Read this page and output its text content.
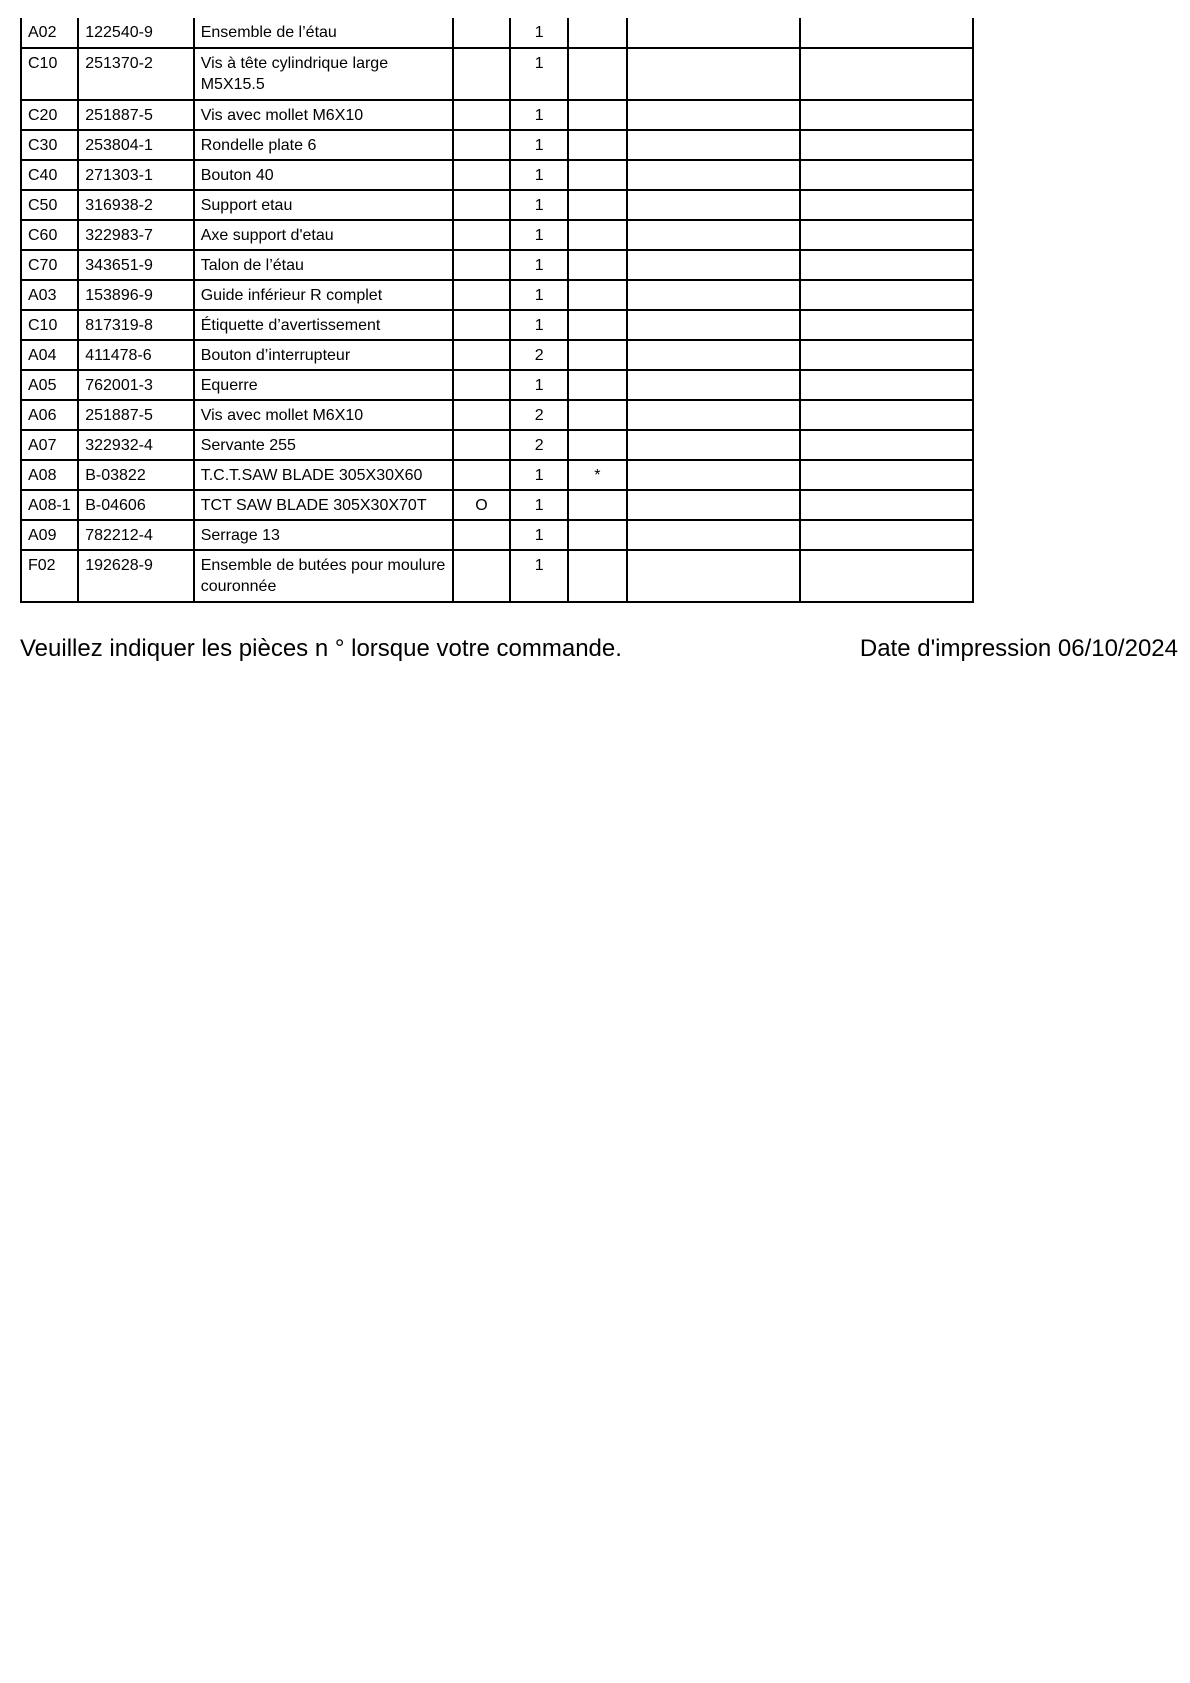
A02	122540-9	Ensemble de l’étau		1			
C10	251370-2	Vis à tête cylindrique large M5X15.5		1			
C20	251887-5	Vis avec mollet M6X10		1			
C30	253804-1	Rondelle plate 6		1			
C40	271303-1	Bouton 40		1			
C50	316938-2	Support etau		1			
C60	322983-7	Axe support d'etau		1			
C70	343651-9	Talon de l’étau		1			
A03	153896-9	Guide inférieur R complet		1			
C10	817319-8	Étiquette d’avertissement		1			
A04	411478-6	Bouton d’interrupteur		2			
A05	762001-3	Equerre		1			
A06	251887-5	Vis avec mollet M6X10		2			
A07	322932-4	Servante 255		2			
A08	B-03822	T.C.T.SAW BLADE 305X30X60		1	*		
A08-1	B-04606	TCT SAW BLADE 305X30X70T	O	1			
A09	782212-4	Serrage 13		1			
F02	192628-9	Ensemble de butées pour moulure couronnée		1			
Veuillez indiquer les pièces n ° lorsque votre commande.	Date d'impression 06/10/2024
